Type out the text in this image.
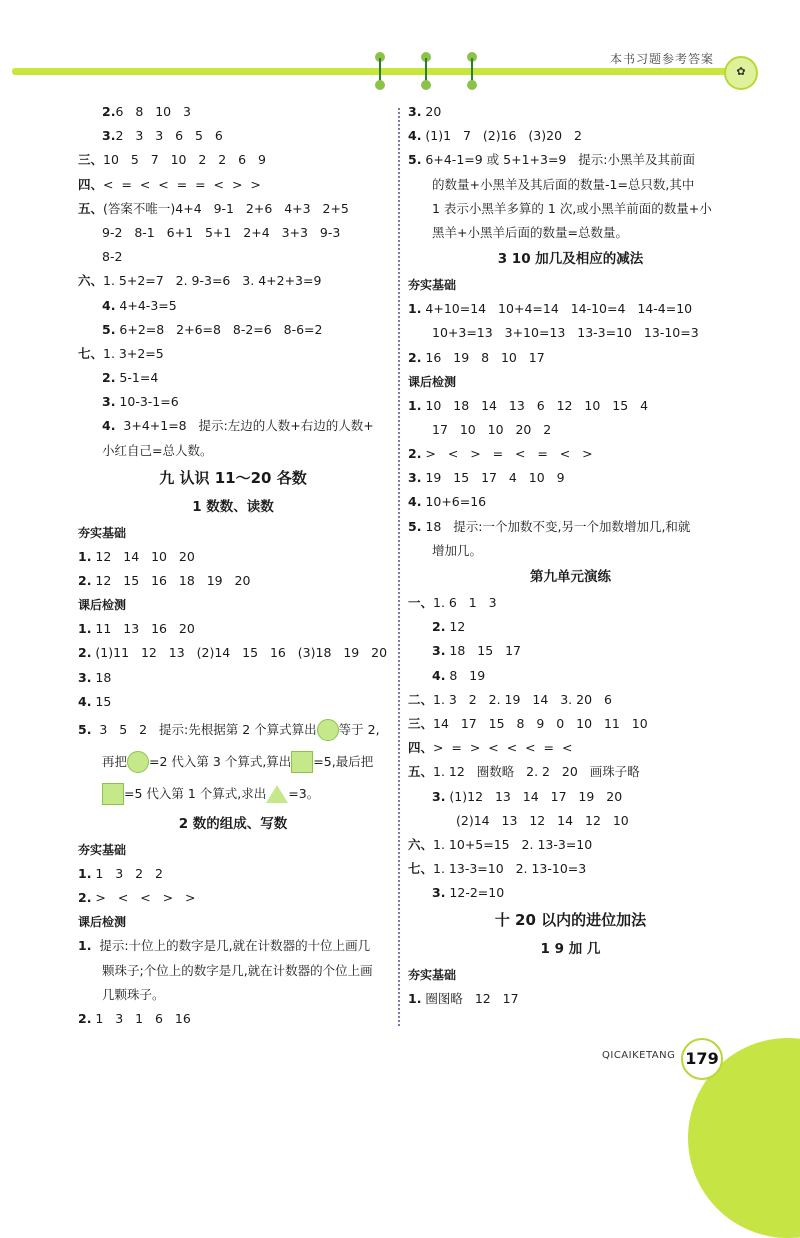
本书习题参考答案
✿
2.6   8   10   3
3.2   3   3   6   5   6
三、10   5   7   10   2   2   6   9
四、<  =  <  <  =  =  <  >  >
五、(答案不唯一)4+4   9-1   2+6   4+3   2+5
9-2   8-1   6+1   5+1   2+4   3+3   9-3
8-2
六、1. 5+2=7   2. 9-3=6   3. 4+2+3=9
4. 4+4-3=5
5. 6+2=8   2+6=8   8-2=6   8-6=2
七、1. 3+2=5
2. 5-1=4
3. 10-3-1=6
4.  3+4+1=8   提示:左边的人数+右边的人数+
小红自己=总人数。
九 认识 11～20 各数
1 数数、读数
夯实基础
1. 12   14   10   20
2. 12   15   16   18   19   20
课后检测
1. 11   13   16   20
2. (1)11   12   13   (2)14   15   16   (3)18   19   20
3. 18
4. 15
5.  3   5   2   提示:先根据第 2 个算式算出 等于 2,
再把 =2 代入第 3 个算式,算出 =5,最后把
=5 代入第 1 个算式,求出 =3。
2 数的组成、写数
夯实基础
1. 1   3   2   2
2. >   <   <   >   >
课后检测
1.  提示:十位上的数字是几,就在计数器的十位上画几
颗珠子;个位上的数字是几,就在计数器的个位上画
几颗珠子。
2. 1   3   1   6   16
3. 20
4. (1)1   7   (2)16   (3)20   2
5. 6+4-1=9 或 5+1+3=9   提示:小黑羊及其前面
的数量+小黑羊及其后面的数量-1=总只数,其中
1 表示小黑羊多算的 1 次,或小黑羊前面的数量+小
黑羊+小黑羊后面的数量=总数量。
3 10 加几及相应的减法
夯实基础
1. 4+10=14   10+4=14   14-10=4   14-4=10
10+3=13   3+10=13   13-3=10   13-10=3
2. 16   19   8   10   17
课后检测
1. 10   18   14   13   6   12   10   15   4
17   10   10   20   2
2. >   <   >   =   <   =   <   >
3. 19   15   17   4   10   9
4. 10+6=16
5. 18   提示:一个加数不变,另一个加数增加几,和就
增加几。
第九单元演练
一、1. 6   1   3
2. 12
3. 18   15   17
4. 8   19
二、1. 3   2   2. 19   14   3. 20   6
三、14   17   15   8   9   0   10   11   10
四、>  =  >  <  <  <  =  <
五、1. 12   圈数略   2. 2   20   画珠子略
3. (1)12   13   14   17   19   20
(2)14   13   12   14   12   10
六、1. 10+5=15   2. 13-3=10
七、1. 13-3=10   2. 13-10=3
3. 12-2=10
十 20 以内的进位加法
1 9 加 几
夯实基础
1. 圈图略   12   17
QICAIKETANG 179
